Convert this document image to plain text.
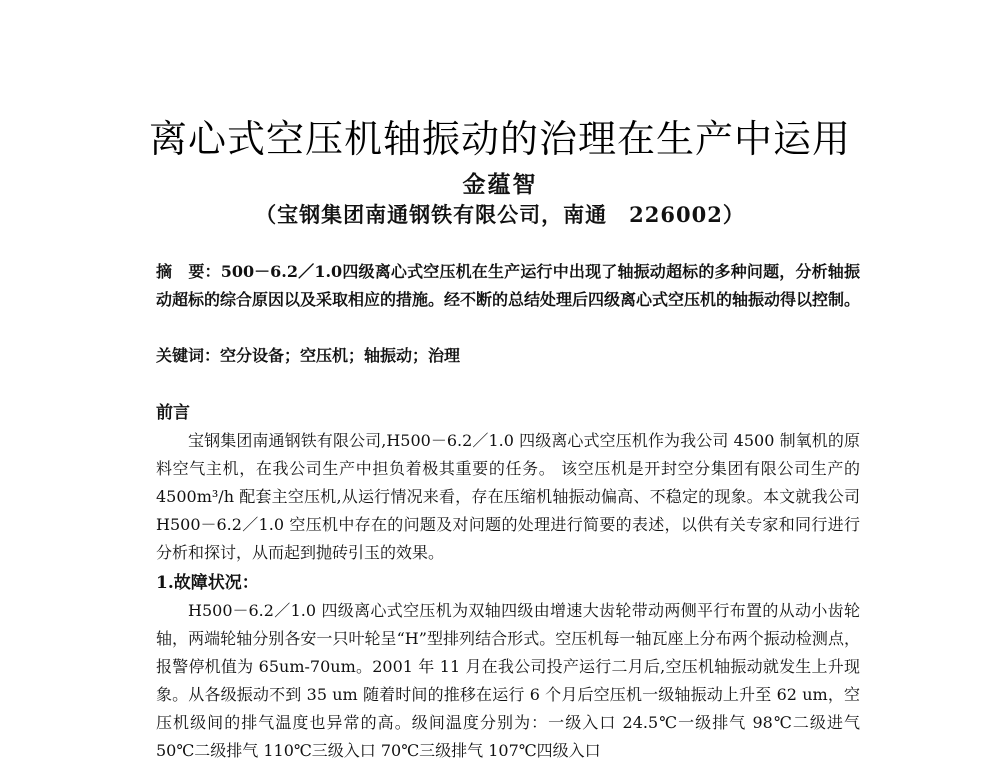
离心式空压机轴振动的治理在生产中运用
金蕴智
（宝钢集团南通钢铁有限公司，南通　226002）
摘　要：500－6.2／1.0四级离心式空压机在生产运行中出现了轴振动超标的多种问题，分析轴振动超标的综合原因以及采取相应的措施。经不断的总结处理后四级离心式空压机的轴振动得以控制。
关键词：空分设备；空压机；轴振动；治理
前言
宝钢集团南通钢铁有限公司,H500－6.2／1.0 四级离心式空压机作为我公司 4500 制氧机的原料空气主机，在我公司生产中担负着极其重要的任务。 该空压机是开封空分集团有限公司生产的 4500m³/h 配套主空压机,从运行情况来看，存在压缩机轴振动偏高、不稳定的现象。本文就我公司 H500－6.2／1.0 空压机中存在的问题及对问题的处理进行简要的表述，以供有关专家和同行进行分析和探讨，从而起到抛砖引玉的效果。
1.故障状况：
H500－6.2／1.0 四级离心式空压机为双轴四级由增速大齿轮带动两侧平行布置的从动小齿轮轴，两端轮轴分别各安一只叶轮呈“H”型排列结合形式。空压机每一轴瓦座上分布两个振动检测点，报警停机值为 65um-70um。2001 年 11 月在我公司投产运行二月后,空压机轴振动就发生上升现象。从各级振动不到 35 um 随着时间的推移在运行 6 个月后空压机一级轴振动上升至 62 um，空压机级间的排气温度也异常的高。级间温度分别为：一级入口 24.5℃一级排气 98℃二级进气 50℃二级排气 110℃三级入口 70℃三级排气 107℃四级入口
